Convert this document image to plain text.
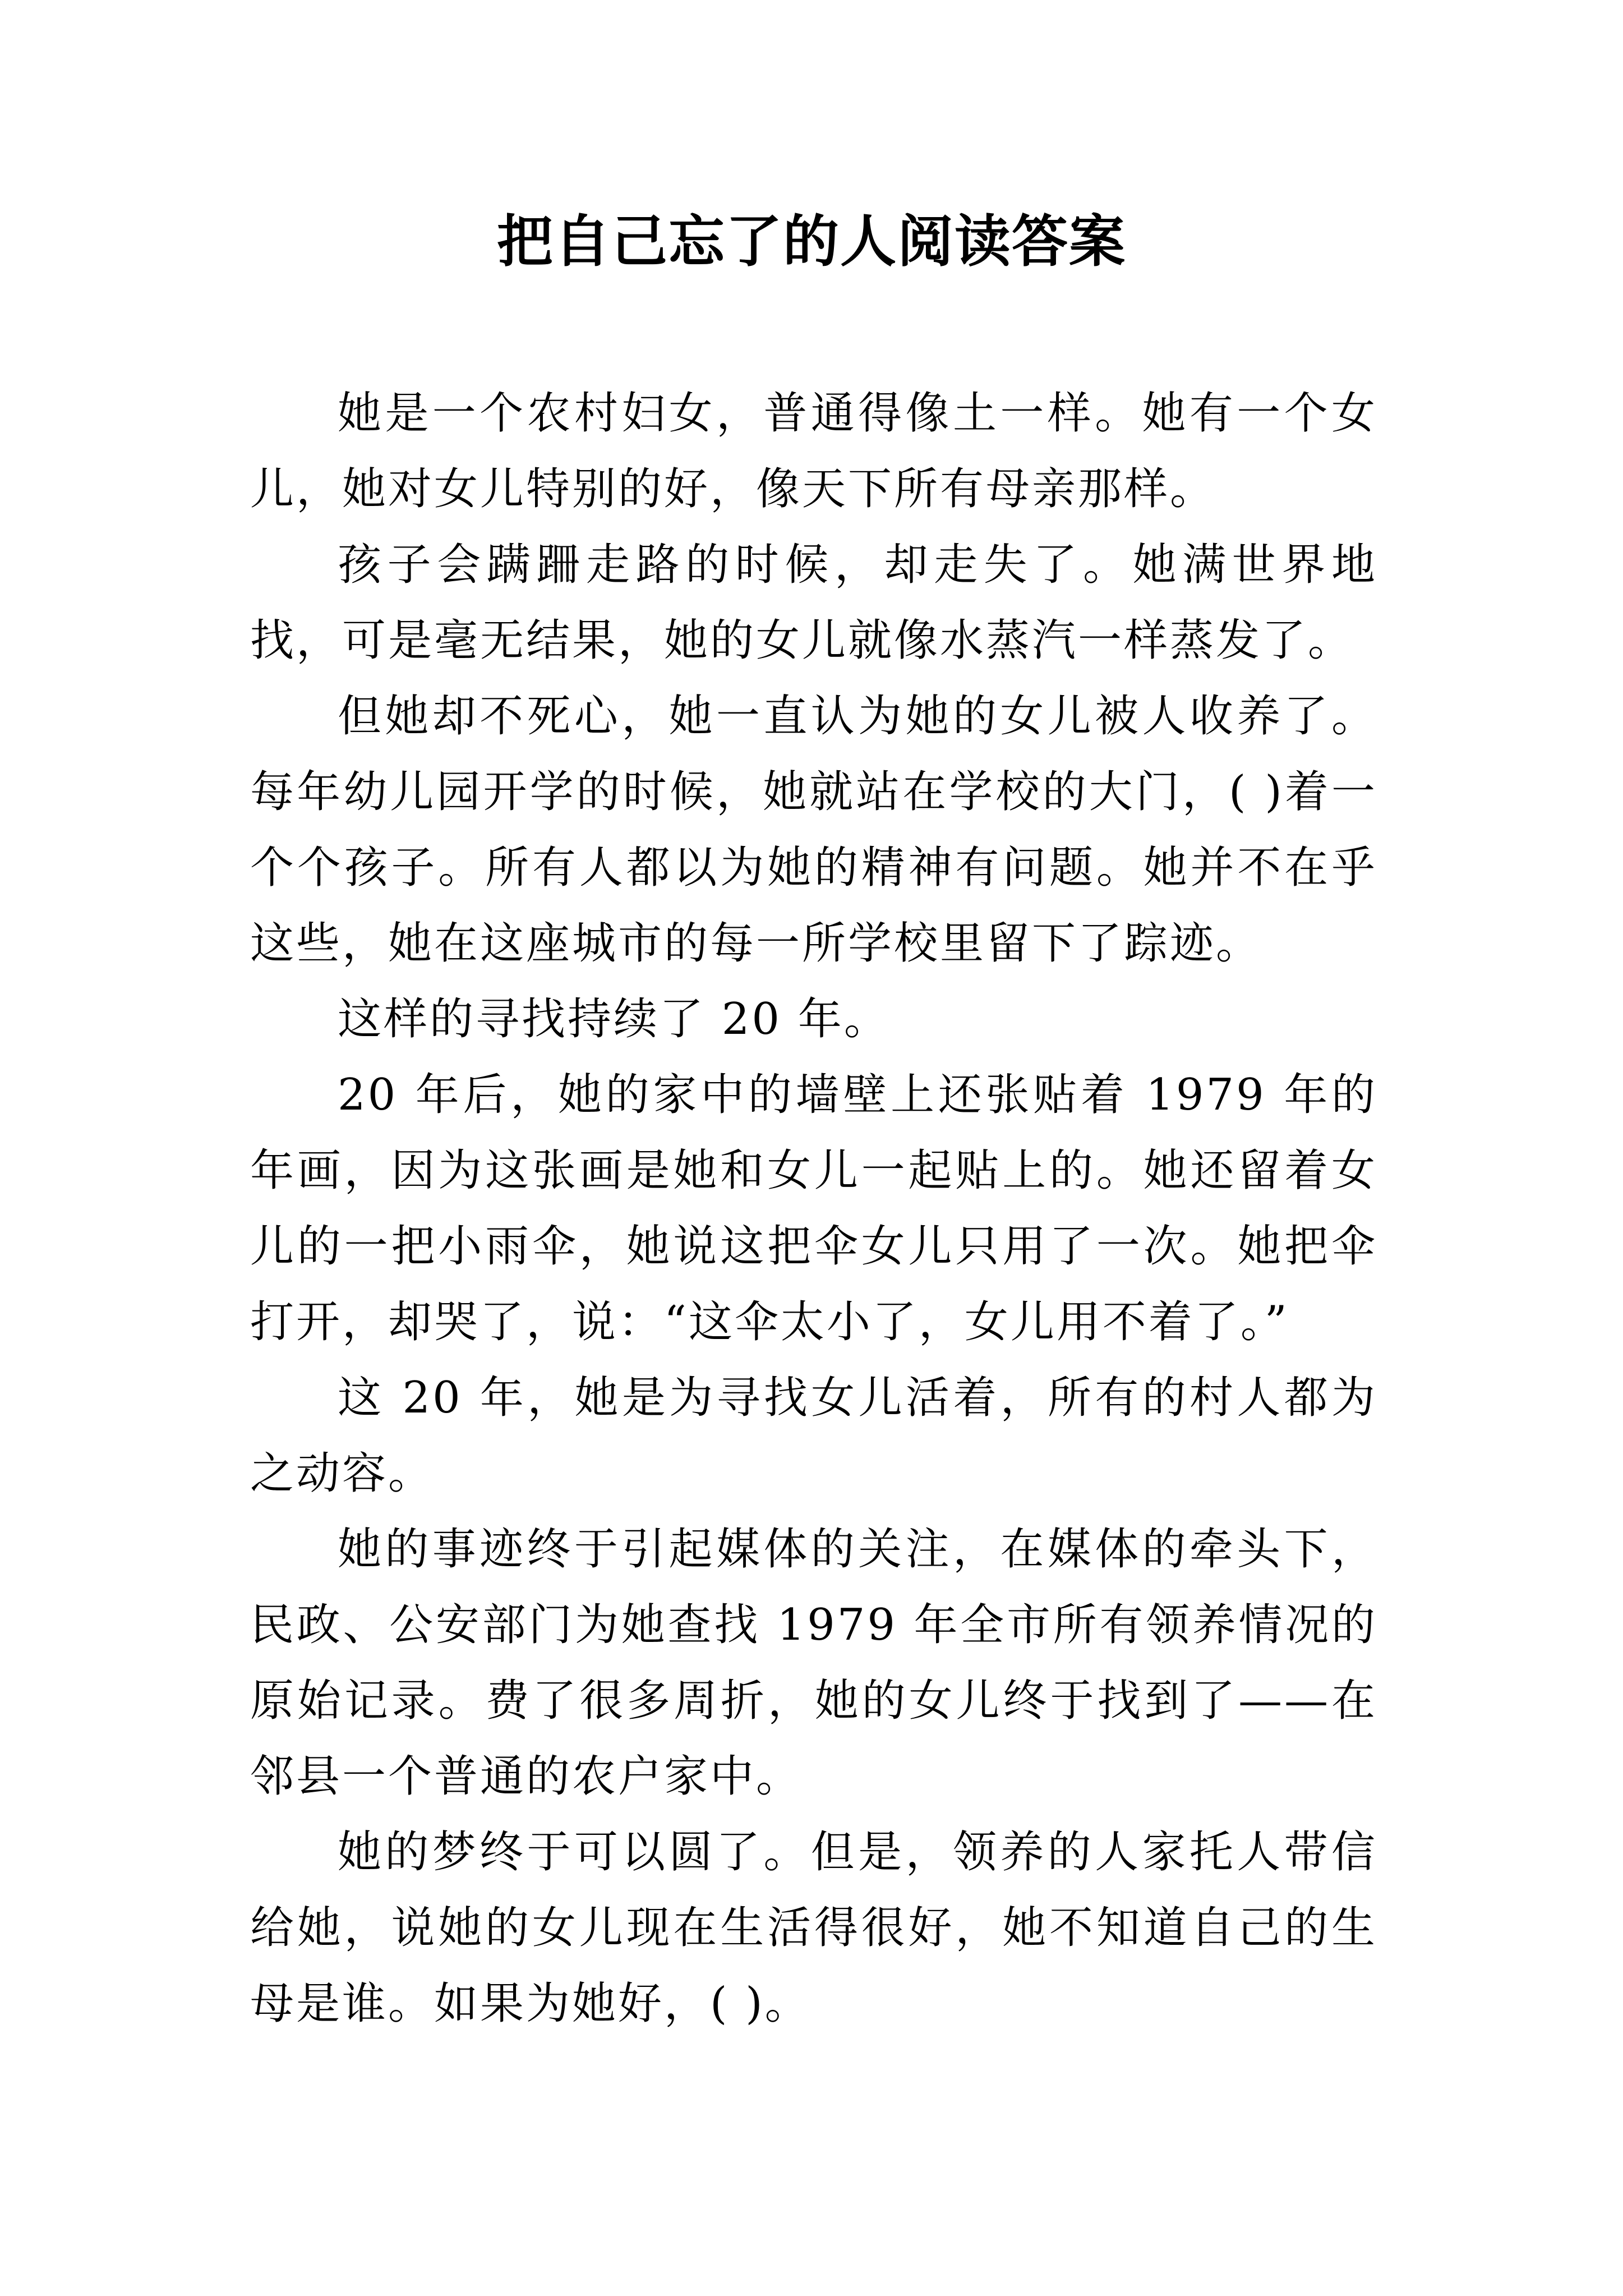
把自己忘了的人阅读答案

她是一个农村妇女，普通得像土一样。她有一个女儿，她对女儿特别的好，像天下所有母亲那样。

孩子会蹒跚走路的时候，却走失了。她满世界地找，可是毫无结果，她的女儿就像水蒸汽一样蒸发了。

但她却不死心，她一直认为她的女儿被人收养了。每年幼儿园开学的时候，她就站在学校的大门，( )着一个个孩子。所有人都以为她的精神有问题。她并不在乎这些，她在这座城市的每一所学校里留下了踪迹。

这样的寻找持续了 20 年。

20 年后，她的家中的墙壁上还张贴着 1979 年的年画，因为这张画是她和女儿一起贴上的。她还留着女儿的一把小雨伞，她说这把伞女儿只用了一次。她把伞打开，却哭了，说：“这伞太小了，女儿用不着了。”

这 20 年，她是为寻找女儿活着，所有的村人都为之动容。

她的事迹终于引起媒体的关注，在媒体的牵头下，民政、公安部门为她查找 1979 年全市所有领养情况的原始记录。费了很多周折，她的女儿终于找到了——在邻县一个普通的农户家中。

她的梦终于可以圆了。但是，领养的人家托人带信给她，说她的女儿现在生活得很好，她不知道自己的生母是谁。如果为她好，( )。
